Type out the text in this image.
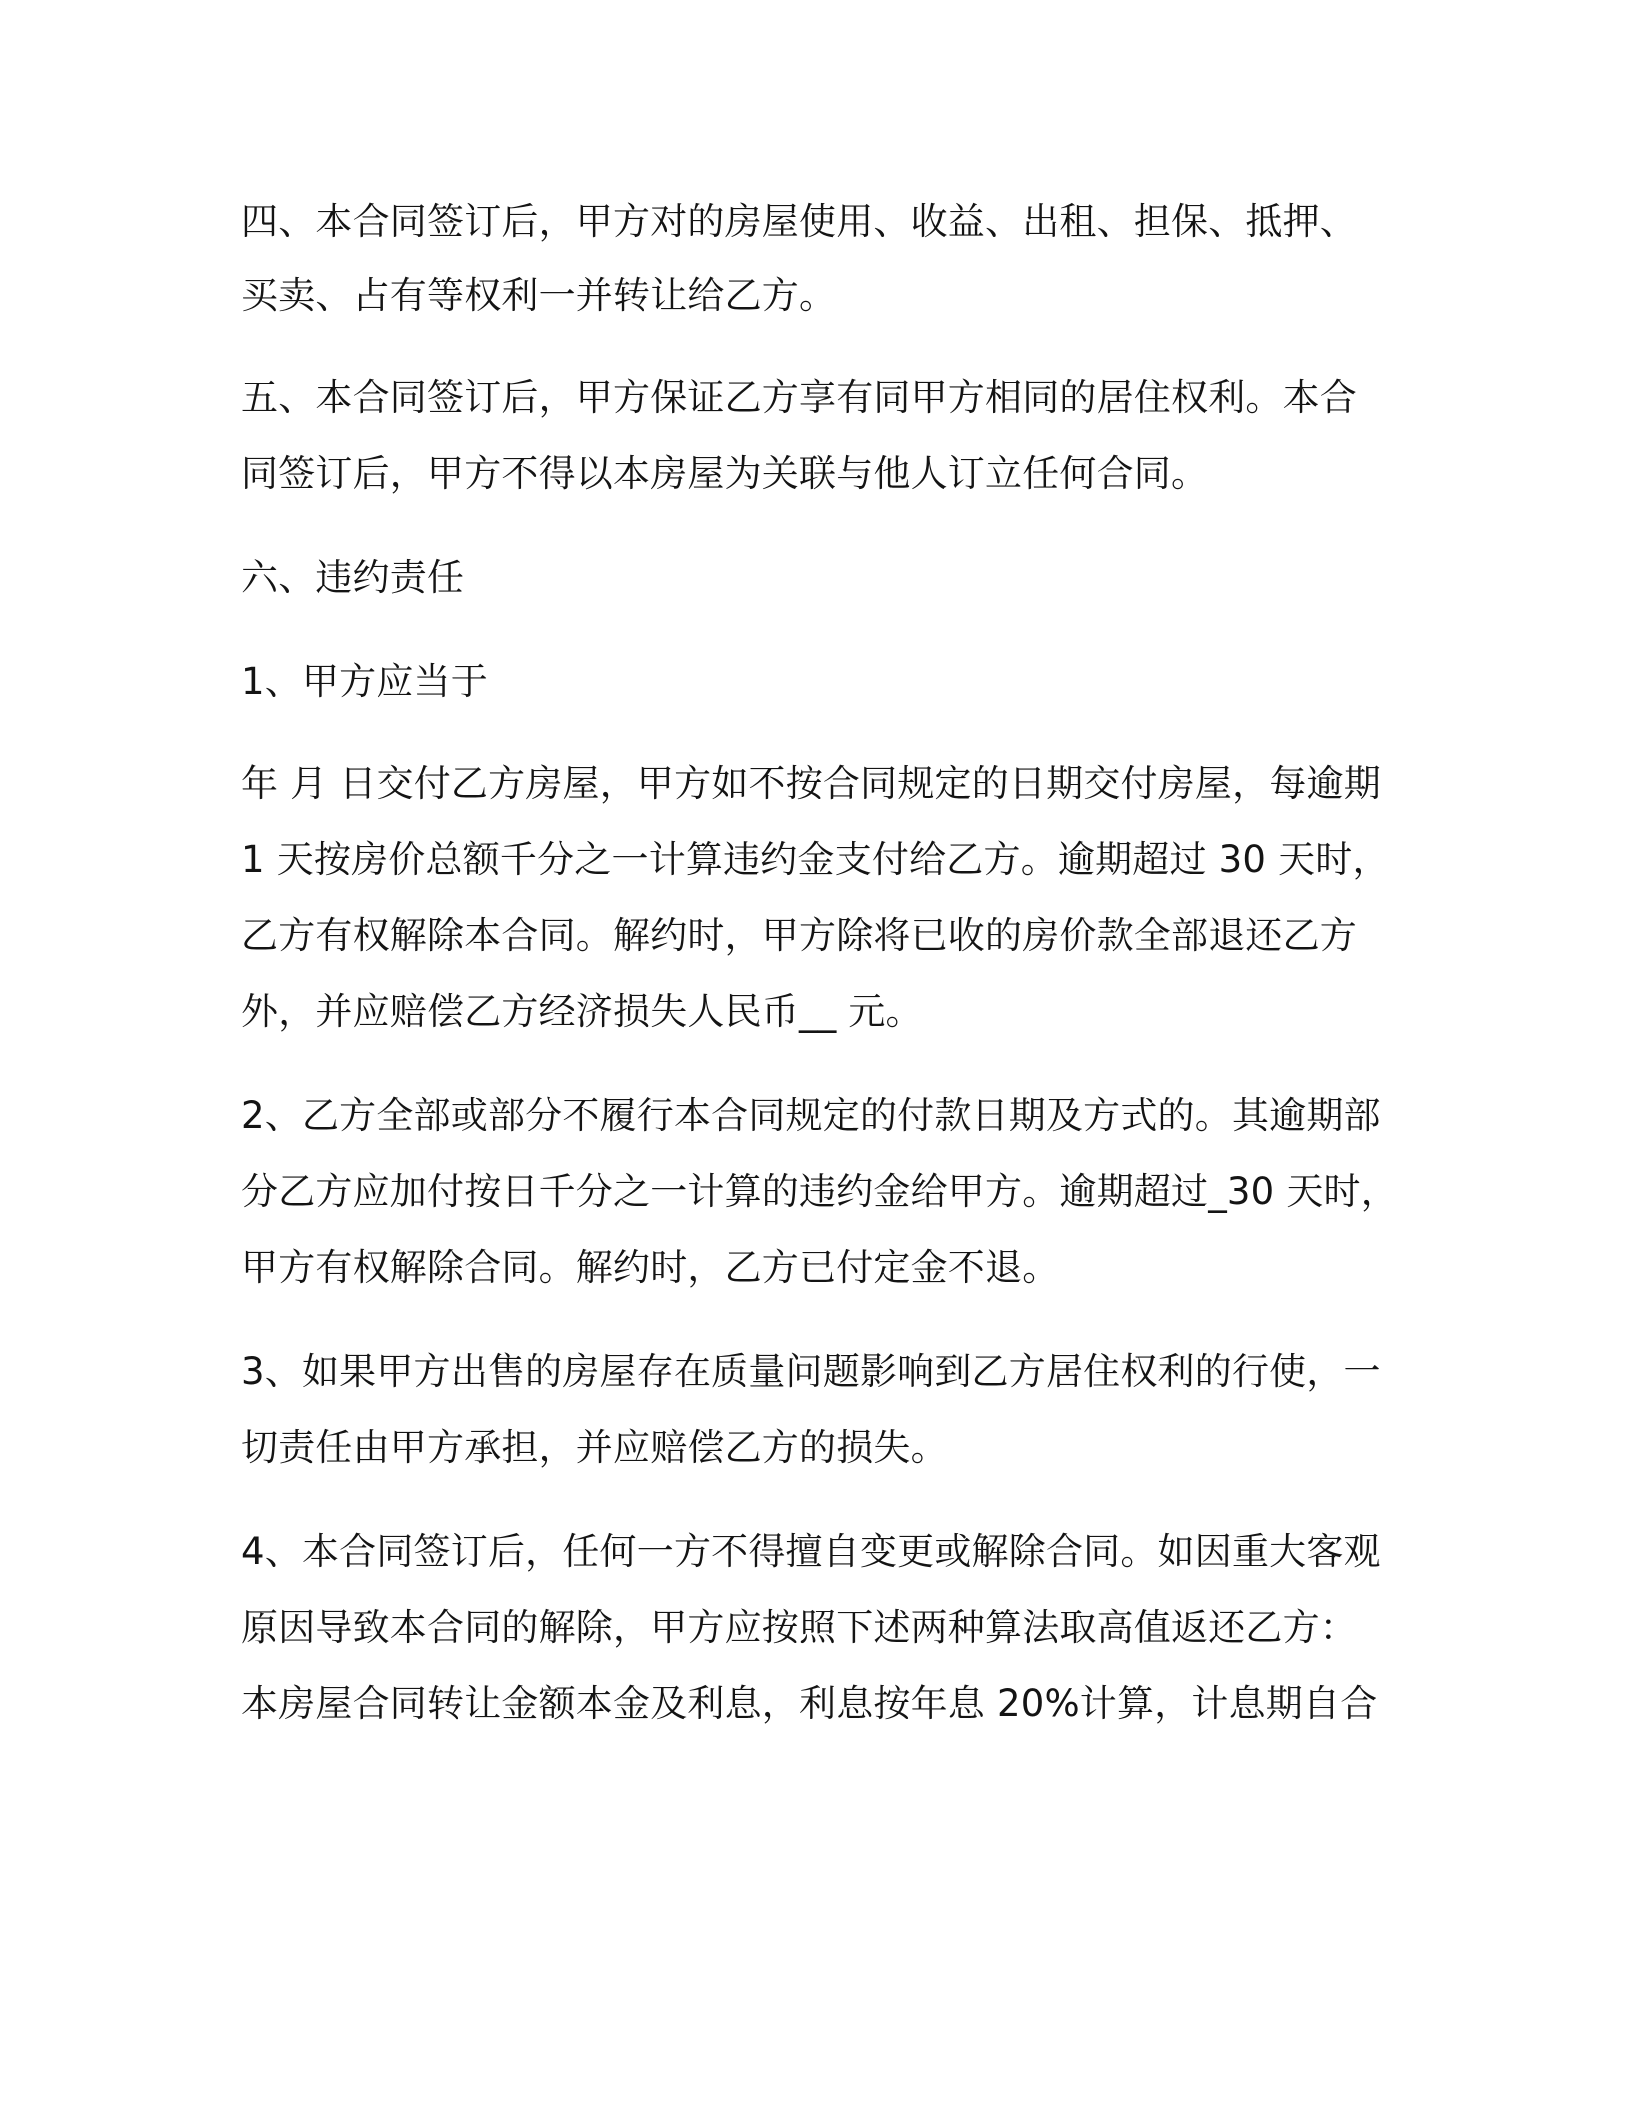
四、本合同签订后，甲方对的房屋使用、收益、出租、担保、抵押、

买卖、占有等权利一并转让给乙方。

五、本合同签订后，甲方保证乙方享有同甲方相同的居住权利。本合

同签订后，甲方不得以本房屋为关联与他人订立任何合同。

六、违约责任

1、甲方应当于

年 月 日交付乙方房屋，甲方如不按合同规定的日期交付房屋，每逾期

1 天按房价总额千分之一计算违约金支付给乙方。逾期超过 30 天时，

乙方有权解除本合同。解约时，甲方除将已收的房价款全部退还乙方

外，并应赔偿乙方经济损失人民币__ 元。

2、乙方全部或部分不履行本合同规定的付款日期及方式的。其逾期部

分乙方应加付按日千分之一计算的违约金给甲方。逾期超过_30 天时，

甲方有权解除合同。解约时，乙方已付定金不退。

3、如果甲方出售的房屋存在质量问题影响到乙方居住权利的行使，一

切责任由甲方承担，并应赔偿乙方的损失。

4、本合同签订后，任何一方不得擅自变更或解除合同。如因重大客观

原因导致本合同的解除，甲方应按照下述两种算法取高值返还乙方：

本房屋合同转让金额本金及利息，利息按年息 20%计算，计息期自合
